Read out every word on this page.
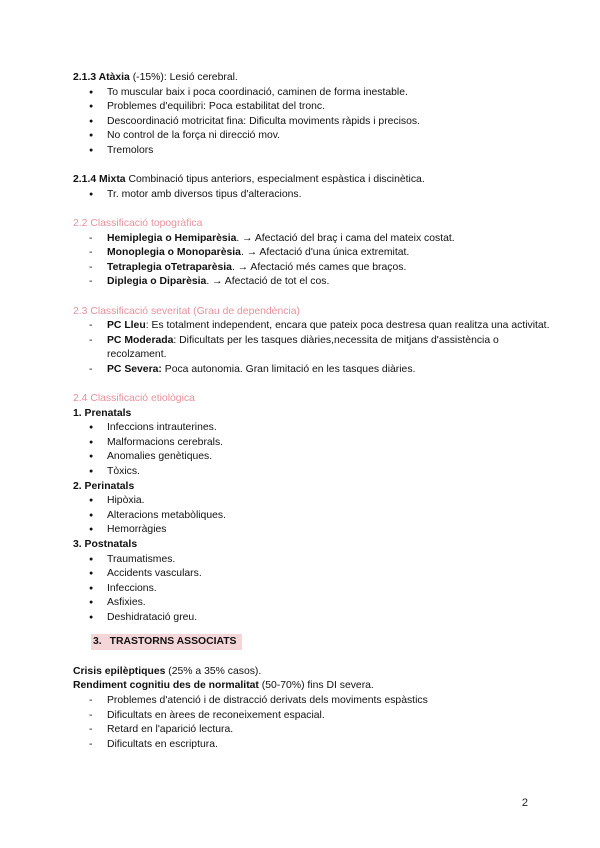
2.1.3 Atàxia (-15%): Lesió cerebral.
● To muscular baix i poca coordinació, caminen de forma inestable.
● Problemes d'equilibri: Poca estabilitat del tronc.
● Descoordinació motricitat fina: Dificulta moviments ràpids i precisos.
● No control de la força ni direcció mov.
● Tremolors
2.1.4 Mixta Combinació tipus anteriors, especialment espàstica i discinètica.
● Tr. motor amb diversos tipus d'alteracions.
2.2 Classificació topogràfica
- Hemiplegia o Hemiparèsia. → Afectació del braç i cama del mateix costat.
- Monoplegia o Monoparèsia. → Afectació d'una única extremitat.
- Tetraplegia oTetraparèsia. → Afectació més cames que braços.
- Diplegia o Diparèsia. → Afectació de tot el cos.
2.3 Classificació severitat (Grau de dependència)
- PC Lleu: Es totalment independent, encara que pateix poca destresa quan realitza una activitat.
- PC Moderada: Dificultats per les tasques diàries,necessita de mitjans d'assistència o recolzament.
- PC Severa: Poca autonomia. Gran limitació en les tasques diàries.
2.4 Classificació etiològica
1. Prenatals
● Infeccions intrauterines.
● Malformacions cerebrals.
● Anomalies genètiques.
● Tòxics.
2. Perinatals
● Hipòxia.
● Alteracions metabòliques.
● Hemorràgies
3. Postnatals
● Traumatismes.
● Accidents vasculars.
● Infeccions.
● Asfixies.
● Deshidratació greu.
3. TRASTORNS ASSOCIATS
Crisis epilèptiques (25% a 35% casos).
Rendiment cognitiu des de normalitat (50-70%) fins DI severa.
- Problemes d'atenció i de distracció derivats dels moviments espàstics
- Dificultats en àrees de reconeixement espacial.
- Retard en l'aparició lectura.
- Dificultats en escriptura.
2
